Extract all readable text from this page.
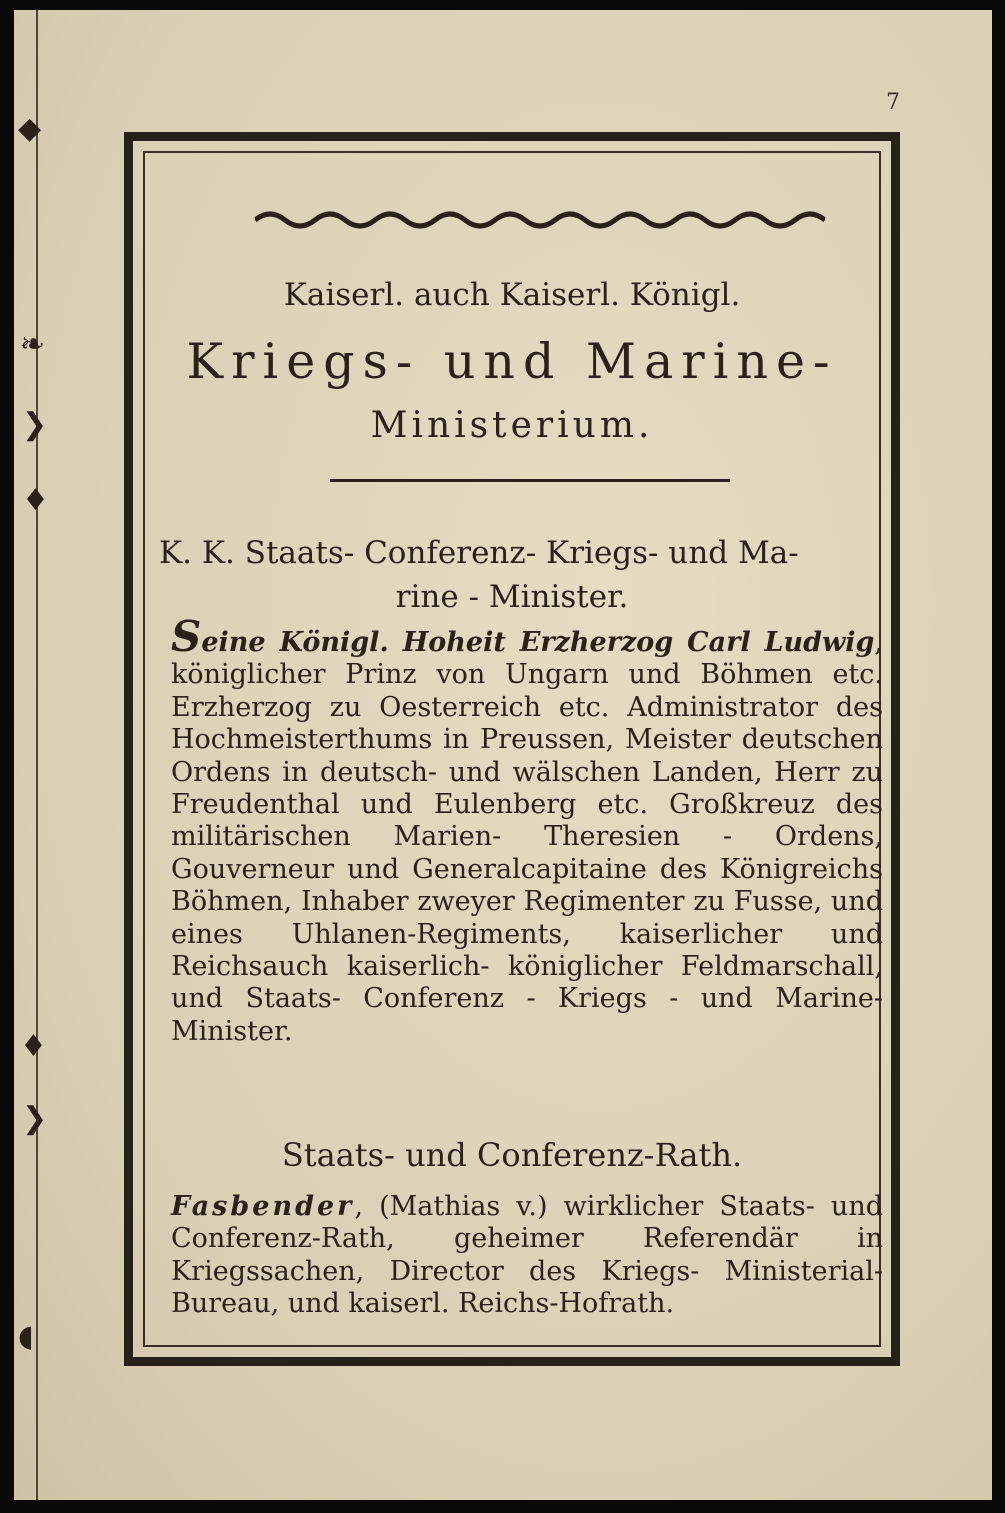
◆
❧
❯
♦
♦
❯
◖
7
Kaiserl. auch Kaiserl. Königl.
Kriegs- und Marine-
Ministerium.
K. K. Staats- Conferenz- Kriegs- und Ma-
rine - Minister.
Seine Königl. Hoheit Erzherzog Carl Ludwig, königlicher Prinz von Ungarn und Böhmen etc. Erzherzog zu Oesterreich etc. Administrator des Hochmeisterthums in Preussen, Meister deutschen Ordens in deutsch- und wälschen Landen, Herr zu Freudenthal und Eulenberg etc. Großkreuz des militärischen Marien- Theresien - Ordens, Gouverneur und Generalcapitaine des Königreichs Böhmen, Inhaber zweyer Regimenter zu Fusse, und eines Uhlanen-Regiments, kaiserlicher und Reichsauch kaiserlich- königlicher Feldmarschall, und Staats- Conferenz - Kriegs - und Marine-Minister.
Staats- und Conferenz-Rath.
Fasbender, (Mathias v.) wirklicher Staats- und Conferenz-Rath, geheimer Referendär in Kriegssachen, Director des Kriegs- Ministerial-Bureau, und kaiserl. Reichs-Hofrath.
